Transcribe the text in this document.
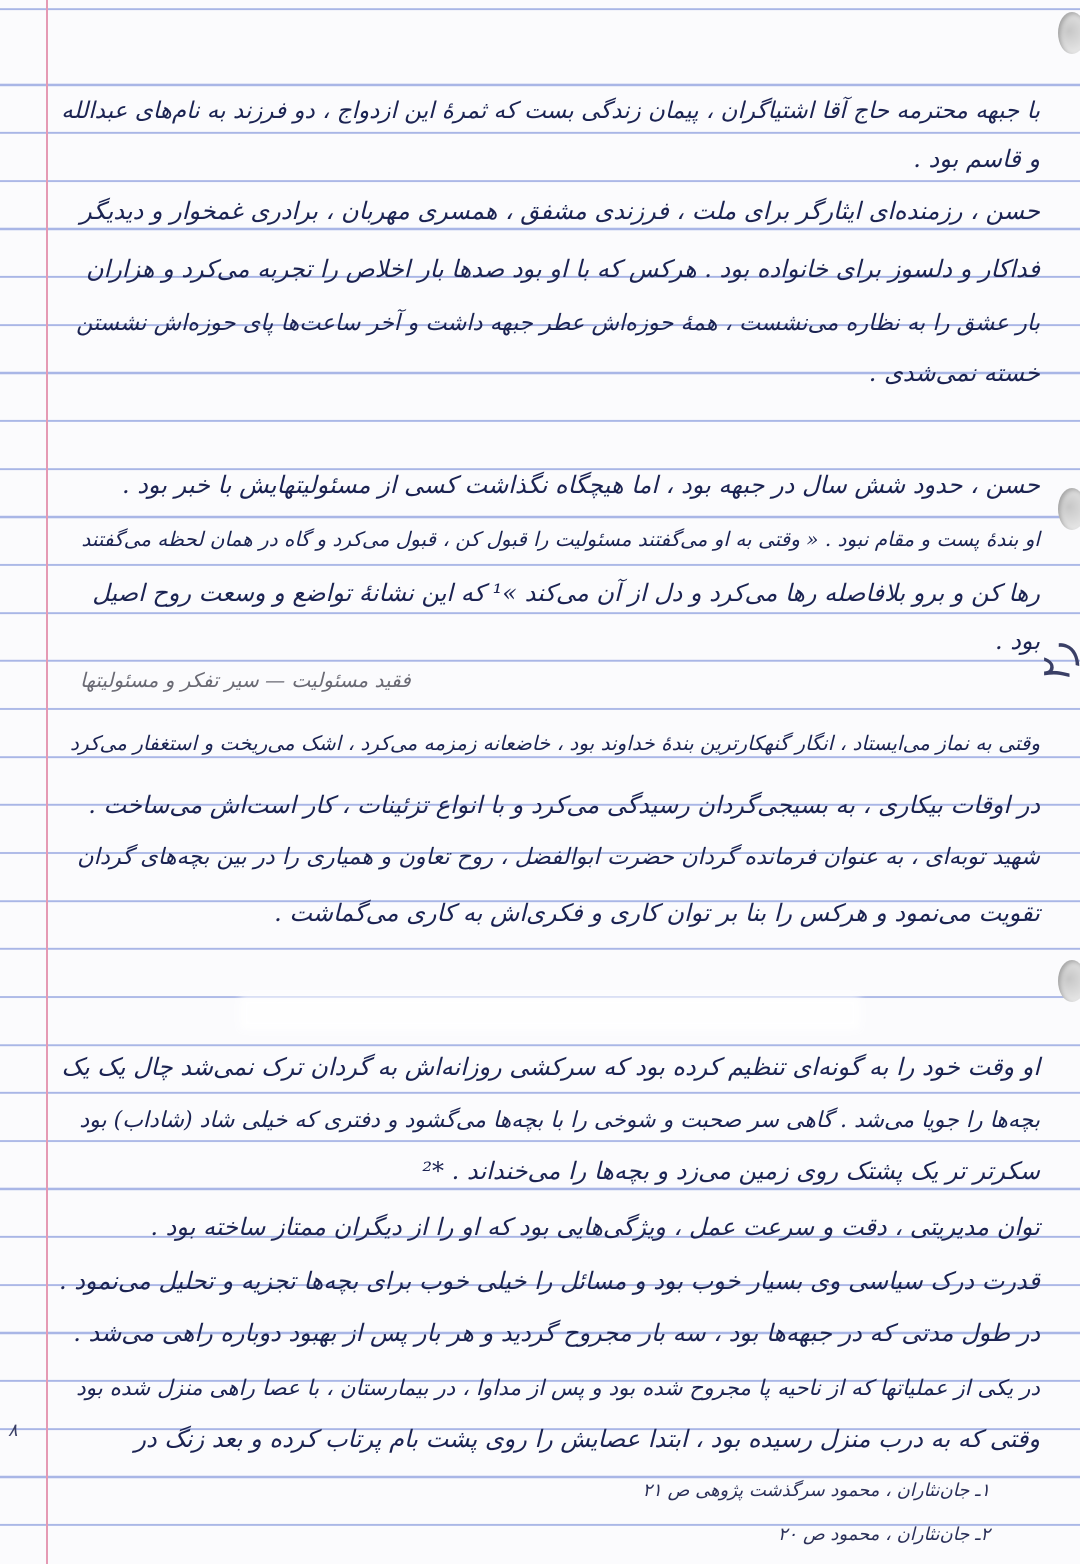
با جبهه محترمه حاج آقا اشتیاگران ، پیمان زندگی بست که ثمرهٔ این ازدواج ، دو فرزند به نام‌های عبدالله
و قاسم بود .
حسن ، رزمنده‌ای ایثارگر برای ملت ، فرزندی مشفق ، همسری مهربان ، برادری غمخوار و دیدیگر
فداکار و دلسوز برای خانواده بود . هرکس که با او بود صدها بار اخلاص را تجربه می‌کرد و هزاران
بار عشق را به نظاره می‌نشست ، همهٔ حوزه‌اش عطر جبهه داشت و آخر ساعت‌ها پای حوزه‌اش نشستن
خسته نمی‌شدی .
حسن ، حدود شش سال در جبهه بود ، اما هیچگاه نگذاشت کسی از مسئولیتهایش با خبر بود .
او بندهٔ پست و مقام نبود . « وقتی به او می‌گفتند مسئولیت را قبول کن ، قبول می‌کرد و گاه در همان لحظه می‌گفتند
رها کن و برو بلافاصله رها می‌کرد و دل از آن می‌کند »¹ که این نشانهٔ تواضع و وسعت روح اصیل
بود .
فقید مسئولیت — سیر تفکر و مسئولیتها
وقتی به نماز می‌ایستاد ، انگار گنهکارترین بندهٔ خداوند بود ، خاضعانه زمزمه می‌کرد ، اشک می‌ریخت و استغفار می‌کرد
در اوقات بیکاری ، به بسیجی‌گردان رسیدگی می‌کرد و با انواع تزئینات ، کار است‌اش می‌ساخت .
شهید توبه‌ای ، به عنوان فرمانده گردان حضرت ابوالفضل ، روح تعاون و همیاری را در بین بچه‌های گردان
تقویت می‌نمود و هرکس را بنا بر توان کاری و فکری‌اش به کاری می‌گماشت .
او وقت خود را به گونه‌ای تنظیم کرده بود که سرکشی روزانه‌اش به گردان ترک نمی‌شد چال یک یک
بچه‌ها را جویا می‌شد . گاهی سر صحبت و شوخی را با بچه‌ها می‌گشود و دفتری که خیلی شاد (شاداب) بود
سکرتر تر یک پشتک روی زمین می‌زد و بچه‌ها را می‌خنداند . *²
توان مدیریتی ، دقت و سرعت عمل ، ویژگی‌هایی بود که او را از دیگران ممتاز ساخته بود .
قدرت درک سیاسی وی بسیار خوب بود و مسائل را خیلی خوب برای بچه‌ها تجزیه و تحلیل می‌نمود .
در طول مدتی که در جبهه‌ها بود ، سه بار مجروح گردید و هر بار پس از بهبود دوباره راهی می‌شد .
در یکی از عملیاتها که از ناحیه پا مجروح شده بود و پس از مداوا ، در بیمارستان ، با عصا راهی منزل شده بود
وقتی که به درب منزل رسیده بود ، ابتدا عصایش را روی پشت بام پرتاب کرده و بعد زنگ در
۱ـ جان‌نثاران ، محمود سرگذشت پژوهی ص ۲۱
۲ـ جان‌نثاران ، محمود ص ۲۰
۸
ر۲
